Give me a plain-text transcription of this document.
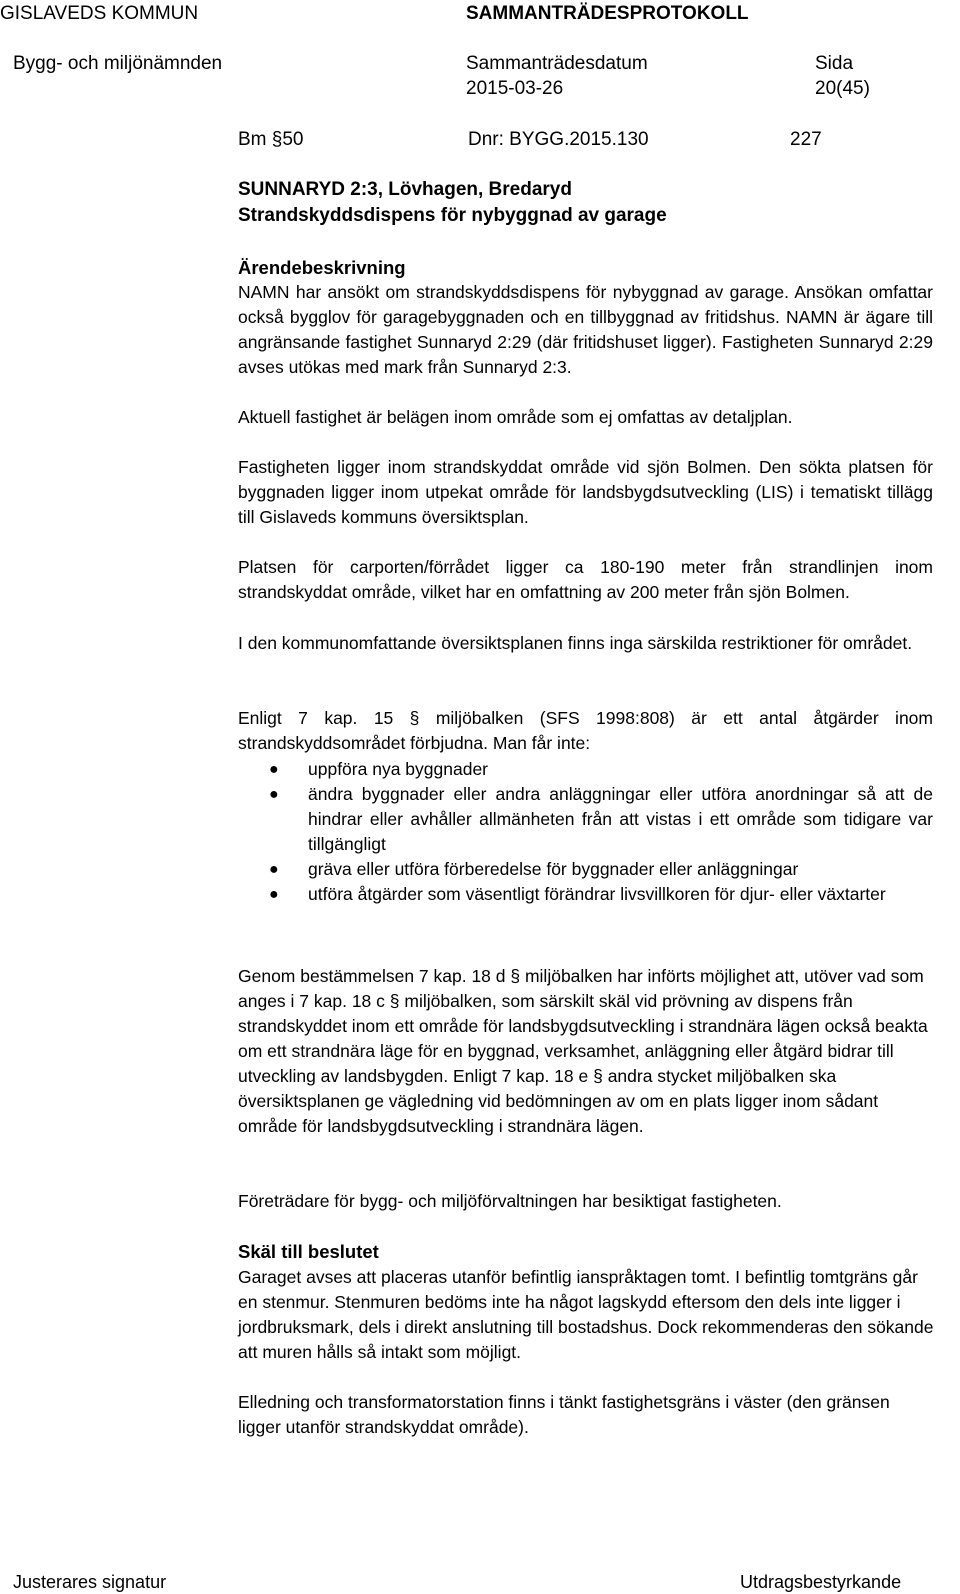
GISLAVEDS KOMMUN	SAMMANTRÄDESPROTOKOLL
Bygg- och miljönämnden	Sammanträdesdatum
2015-03-26
Sida
20(45)
Bm §50	Dnr: BYGG.2015.130	227
SUNNARYD 2:3, Lövhagen, Bredaryd
Strandskyddsdispens för nybyggnad av garage
Ärendebeskrivning

NAMN har ansökt om strandskyddsdispens för nybyggnad av garage. Ansökan omfattar också bygglov för garagebyggnaden och en tillbyggnad av fritidshus. NAMN är ägare till angränsande fastighet Sunnaryd 2:29 (där fritidshuset ligger). Fastigheten Sunnaryd 2:29 avses utökas med mark från Sunnaryd 2:3.

Aktuell fastighet är belägen inom område som ej omfattas av detaljplan.

Fastigheten ligger inom strandskyddat område vid sjön Bolmen. Den sökta platsen för byggnaden ligger inom utpekat område för landsbygdsutveckling (LIS) i tematiskt tillägg till Gislaveds kommuns översiktsplan.

Platsen för carporten/förrådet ligger ca 180-190 meter från strandlinjen inom strandskyddat område, vilket har en omfattning av 200 meter från sjön Bolmen.

I den kommunomfattande översiktsplanen finns inga särskilda restriktioner för området.

Enligt 7 kap. 15 § miljöbalken (SFS 1998:808) är ett antal åtgärder inom strandskyddsområdet förbjudna. Man får inte:

● uppföra nya byggnader
● ändra byggnader eller andra anläggningar eller utföra anordningar så att de hindrar eller avhåller allmänheten från att vistas i ett område som tidigare var tillgängligt
● gräva eller utföra förberedelse för byggnader eller anläggningar
● utföra åtgärder som väsentligt förändrar livsvillkoren för djur- eller växtarter

Genom bestämmelsen 7 kap. 18 d § miljöbalken har införts möjlighet att, utöver vad som anges i 7 kap. 18 c § miljöbalken, som särskilt skäl vid prövning av dispens från strandskyddet inom ett område för landsbygdsutveckling i strandnära lägen också beakta om ett strandnära läge för en byggnad, verksamhet, anläggning eller åtgärd bidrar till utveckling av landsbygden. Enligt 7 kap. 18 e § andra stycket miljöbalken ska översiktsplanen ge vägledning vid bedömningen av om en plats ligger inom sådant område för landsbygdsutveckling i strandnära lägen.

Företrädare för bygg- och miljöförvaltningen har besiktigat fastigheten.

Skäl till beslutet

Garaget avses att placeras utanför befintlig ianspråktagen tomt. I befintlig tomtgräns går en stenmur. Stenmuren bedöms inte ha något lagskydd eftersom den dels inte ligger i jordbruksmark, dels i direkt anslutning till bostadshus. Dock rekommenderas den sökande att muren hålls så intakt som möjligt.

Elledning och transformatorstation finns i tänkt fastighetsgräns i väster (den gränsen ligger utanför strandskyddat område).

Justerares signatur	Utdragsbestyrkande
